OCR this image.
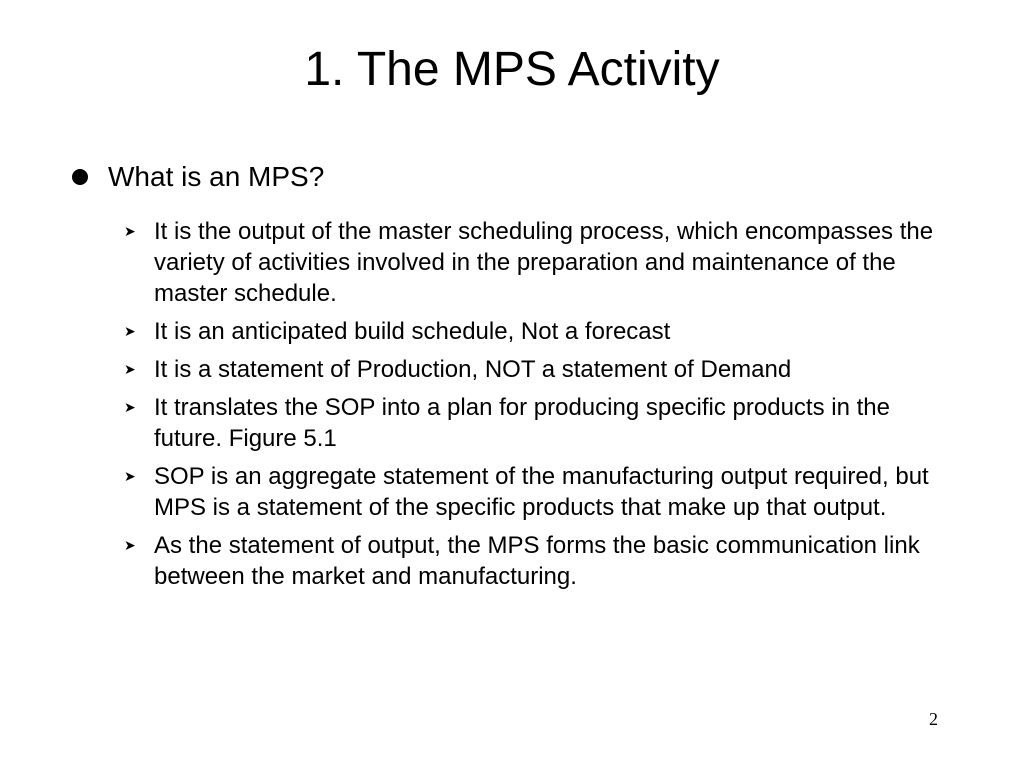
1. The MPS Activity
What is an MPS?
➤ It is the output of the master scheduling process, which encompasses the variety of activities involved in the preparation and maintenance of the master schedule.
➤ It is an anticipated build schedule, Not a forecast
➤ It is a statement of Production, NOT a statement of Demand
➤ It translates the SOP into a plan for producing specific products in the future. Figure 5.1
➤ SOP is an aggregate statement of the manufacturing output required, but MPS is a statement of the specific products that make up that output.
➤ As the statement of output, the MPS forms the basic communication link between the market and manufacturing.
2
